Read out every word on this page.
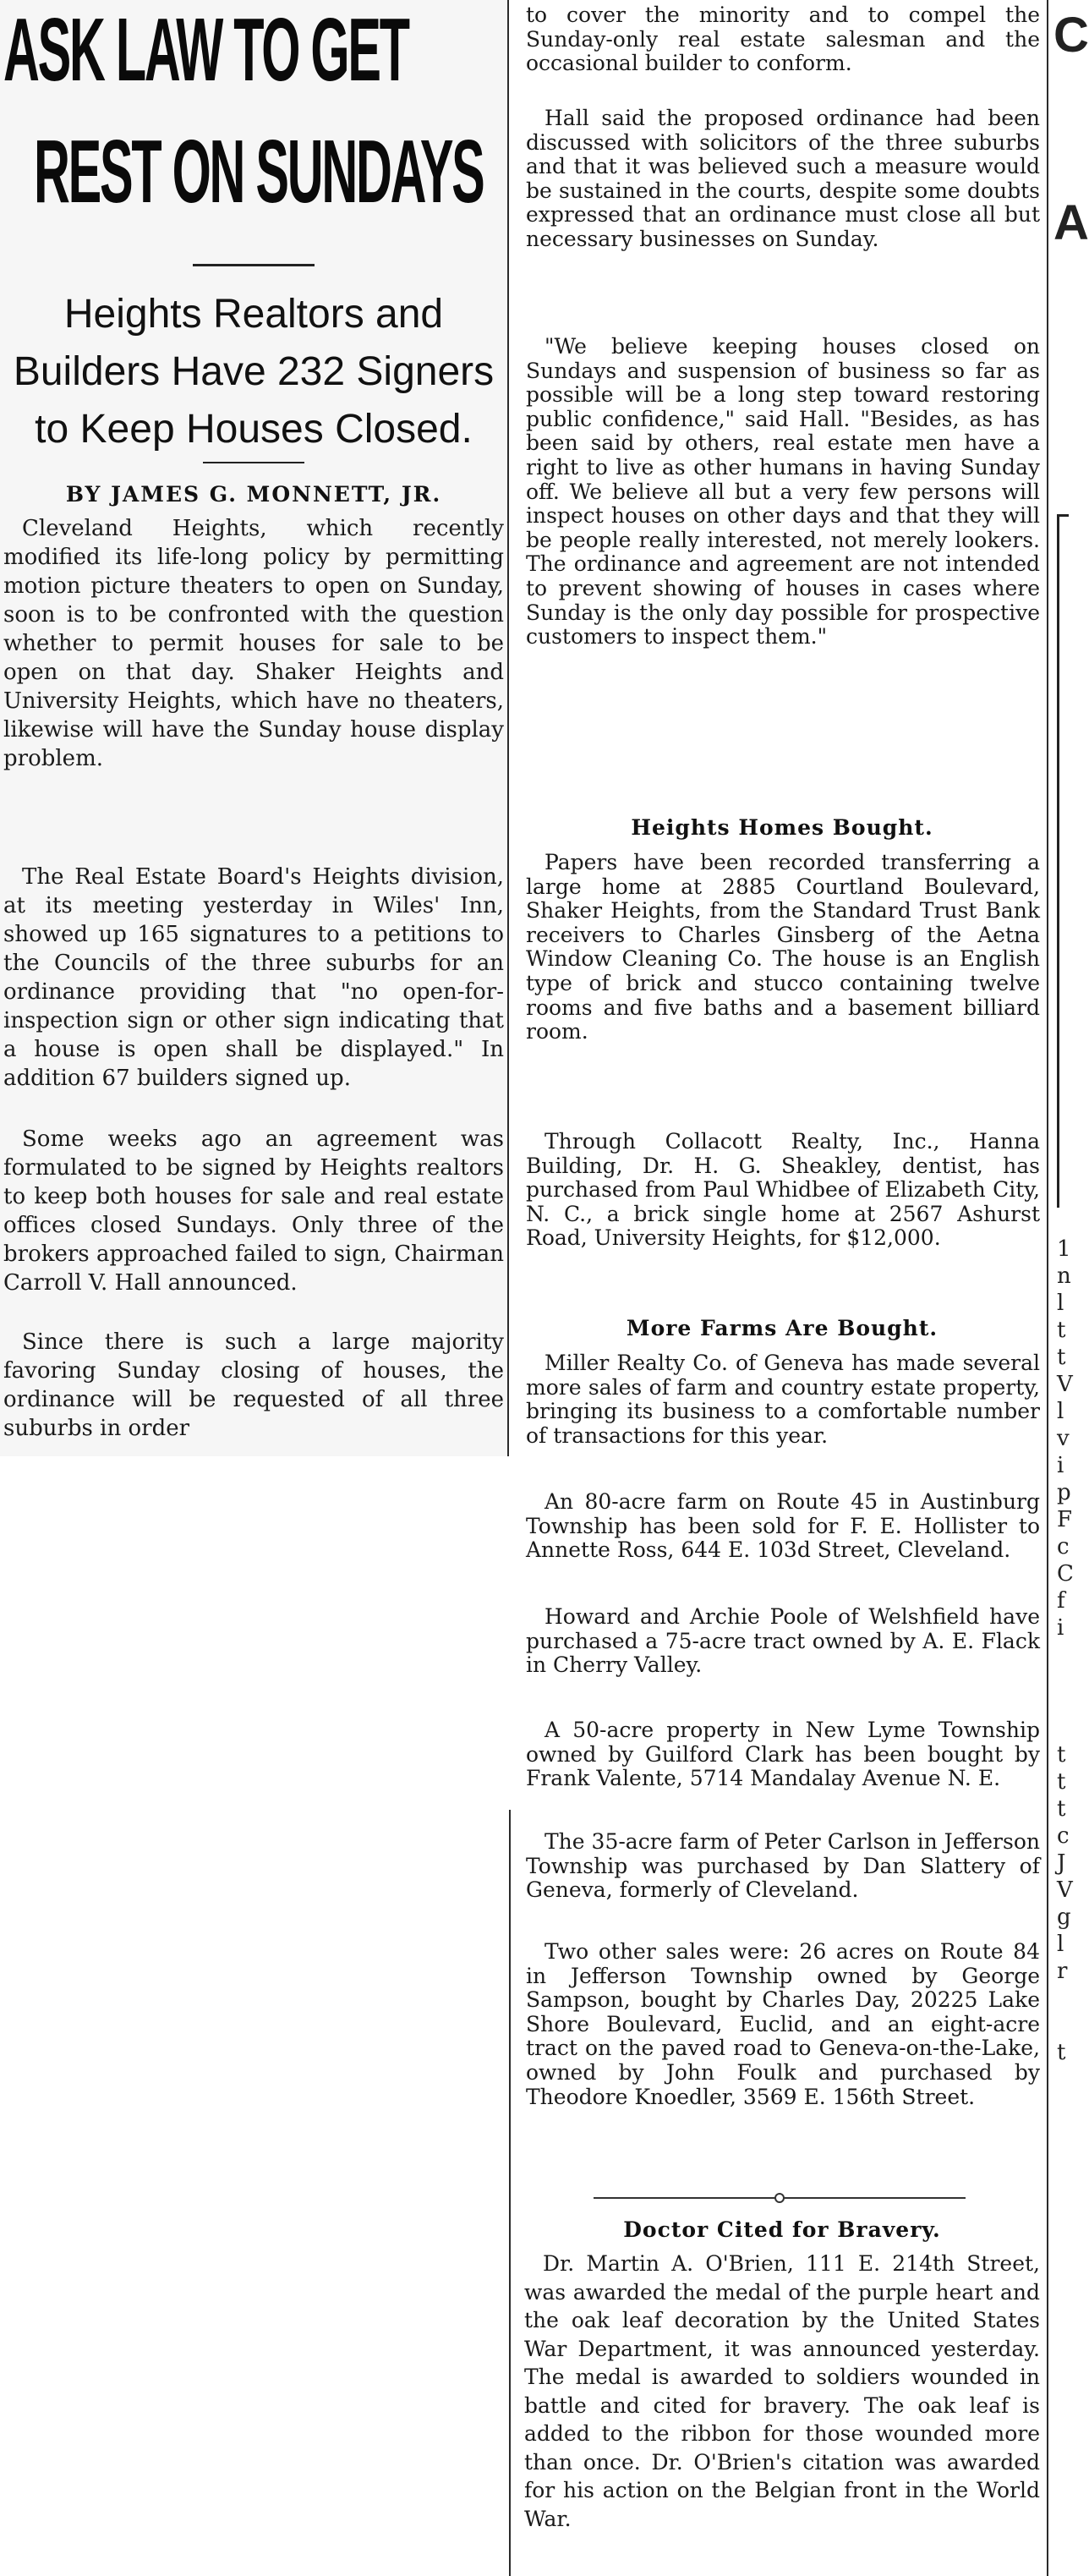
ASK LAW TO GET
REST ON SUNDAYS
Heights Realtors and Builders Have 232 Signers to Keep Houses Closed.

BY JAMES G. MONNETT, JR.

Cleveland Heights, which recently modified its life-long policy by permitting motion picture theaters to open on Sunday, soon is to be confronted with the question whether to permit houses for sale to be open on that day. Shaker Heights and University Heights, which have no theaters, likewise will have the Sunday house display problem.

The Real Estate Board's Heights division, at its meeting yesterday in Wiles' Inn, showed up 165 signatures to a petitions to the Councils of the three suburbs for an ordinance providing that "no open-for-inspection sign or other sign indicating that a house is open shall be displayed." In addition 67 builders signed up.

Some weeks ago an agreement was formulated to be signed by Heights realtors to keep both houses for sale and real estate offices closed Sundays. Only three of the brokers approached failed to sign, Chairman Carroll V. Hall announced.

Since there is such a large majority favoring Sunday closing of houses, the ordinance will be requested of all three suburbs in order

to cover the minority and to compel the Sunday-only real estate salesman and the occasional builder to conform.

Hall said the proposed ordinance had been discussed with solicitors of the three suburbs and that it was believed such a measure would be sustained in the courts, despite some doubts expressed that an ordinance must close all but necessary businesses on Sunday.

"We believe keeping houses closed on Sundays and suspension of business so far as possible will be a long step toward restoring public confidence," said Hall. "Besides, as has been said by others, real estate men have a right to live as other humans in having Sunday off. We believe all but a very few persons will inspect houses on other days and that they will be people really interested, not merely lookers. The ordinance and agreement are not intended to prevent showing of houses in cases where Sunday is the only day possible for prospective customers to inspect them."

Heights Homes Bought.

Papers have been recorded transferring a large home at 2885 Courtland Boulevard, Shaker Heights, from the Standard Trust Bank receivers to Charles Ginsberg of the Aetna Window Cleaning Co. The house is an English type of brick and stucco containing twelve rooms and five baths and a basement billiard room.

Through Collacott Realty, Inc., Hanna Building, Dr. H. G. Sheakley, dentist, has purchased from Paul Whidbee of Elizabeth City, N. C., a brick single home at 2567 Ashurst Road, University Heights, for $12,000.

More Farms Are Bought.

Miller Realty Co. of Geneva has made several more sales of farm and country estate property, bringing its business to a comfortable number of transactions for this year.

An 80-acre farm on Route 45 in Austinburg Township has been sold for F. E. Hollister to Annette Ross, 644 E. 103d Street, Cleveland.

Howard and Archie Poole of Welshfield have purchased a 75-acre tract owned by A. E. Flack in Cherry Valley.

A 50-acre property in New Lyme Township owned by Guilford Clark has been bought by Frank Valente, 5714 Mandalay Avenue N. E.

The 35-acre farm of Peter Carlson in Jefferson Township was purchased by Dan Slattery of Geneva, formerly of Cleveland.

Two other sales were: 26 acres on Route 84 in Jefferson Township owned by George Sampson, bought by Charles Day, 20225 Lake Shore Boulevard, Euclid, and an eight-acre tract on the paved road to Geneva-on-the-Lake, owned by John Foulk and purchased by Theodore Knoedler, 3569 E. 156th Street.

Doctor Cited for Bravery.

Dr. Martin A. O'Brien, 111 E. 214th Street, was awarded the medal of the purple heart and the oak leaf decoration by the United States War Department, it was announced yesterday. The medal is awarded to soldiers wounded in battle and cited for bravery. The oak leaf is added to the ribbon for those wounded more than once. Dr. O'Brien's citation was awarded for his action on the Belgian front in the World War.

C
A
1
n
l
t
t
V
l
v
i
p
F
c
C
f
i
t
t
t
c
J
V
g
l
r
t
